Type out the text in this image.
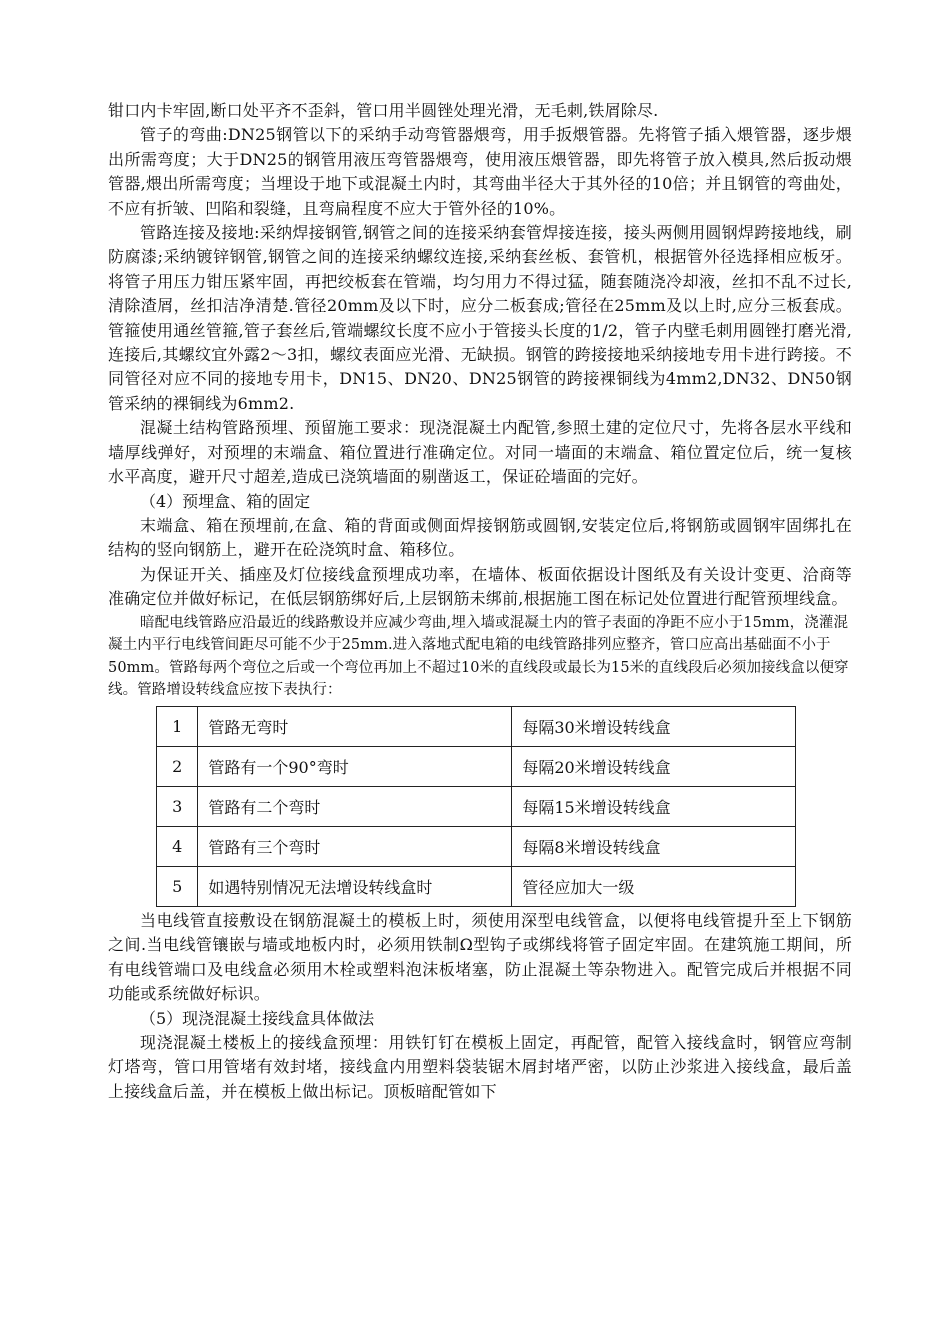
钳口内卡牢固,断口处平齐不歪斜，管口用半圆锉处理光滑，无毛刺,铁屑除尽.

管子的弯曲:DN25钢管以下的采纳手动弯管器煨弯，用手扳煨管器。先将管子插入煨管器，逐步煨出所需弯度；大于DN25的钢管用液压弯管器煨弯，使用液压煨管器，即先将管子放入模具,然后扳动煨管器,煨出所需弯度；当埋设于地下或混凝土内时，其弯曲半径大于其外径的10倍；并且钢管的弯曲处，不应有折皱、凹陷和裂缝，且弯扁程度不应大于管外径的10%。

管路连接及接地:采纳焊接钢管,钢管之间的连接采纳套管焊接连接，接头两侧用圆钢焊跨接地线，刷防腐漆;采纳镀锌钢管,钢管之间的连接采纳螺纹连接,采纳套丝板、套管机，根据管外径选择相应板牙。将管子用压力钳压紧牢固，再把绞板套在管端，均匀用力不得过猛，随套随浇冷却液，丝扣不乱不过长,清除渣屑，丝扣洁净清楚.管径20mm及以下时，应分二板套成;管径在25mm及以上时,应分三板套成。管箍使用通丝管箍,管子套丝后,管端螺纹长度不应小于管接头长度的1/2，管子内壁毛刺用圆锉打磨光滑,连接后,其螺纹宜外露2～3扣，螺纹表面应光滑、无缺损。钢管的跨接接地采纳接地专用卡进行跨接。不同管径对应不同的接地专用卡，DN15、DN20、DN25钢管的跨接裸铜线为4mm2,DN32、DN50钢管采纳的裸铜线为6mm2.

混凝土结构管路预埋、预留施工要求：现浇混凝土内配管,参照土建的定位尺寸，先将各层水平线和墙厚线弹好，对预埋的末端盒、箱位置进行准确定位。对同一墙面的末端盒、箱位置定位后，统一复核水平高度，避开尺寸超差,造成已浇筑墙面的剔凿返工，保证砼墙面的完好。

（4）预埋盒、箱的固定

末端盒、箱在预埋前,在盒、箱的背面或侧面焊接钢筋或圆钢,安装定位后,将钢筋或圆钢牢固绑扎在结构的竖向钢筋上，避开在砼浇筑时盒、箱移位。

为保证开关、插座及灯位接线盒预埋成功率，在墙体、板面依据设计图纸及有关设计变更、洽商等准确定位并做好标记，在低层钢筋绑好后,上层钢筋未绑前,根据施工图在标记处位置进行配管预埋线盒。

暗配电线管路应沿最近的线路敷设并应减少弯曲,埋入墙或混凝土内的管子表面的净距不应小于15mm，浇灌混凝土内平行电线管间距尽可能不少于25mm.进入落地式配电箱的电线管路排列应整齐，管口应高出基础面不小于50mm。管路每两个弯位之后或一个弯位再加上不超过10米的直线段或最长为15米的直线段后必须加接线盒以便穿线。管路增设转线盒应按下表执行：

1	管路无弯时	每隔30米增设转线盒
2	管路有一个90°弯时	每隔20米增设转线盒
3	管路有二个弯时	每隔15米增设转线盒
4	管路有三个弯时	每隔8米增设转线盒
5	如遇特别情况无法增设转线盒时	管径应加大一级

当电线管直接敷设在钢筋混凝土的模板上时，须使用深型电线管盒，以便将电线管提升至上下钢筋之间.当电线管镶嵌与墙或地板内时，必须用铁制Ω型钩子或绑线将管子固定牢固。在建筑施工期间，所有电线管端口及电线盒必须用木栓或塑料泡沫板堵塞，防止混凝土等杂物进入。配管完成后并根据不同功能或系统做好标识。

（5）现浇混凝土接线盒具体做法

现浇混凝土楼板上的接线盒预埋：用铁钉钉在模板上固定，再配管，配管入接线盒时，钢管应弯制灯塔弯，管口用管堵有效封堵，接线盒内用塑料袋装锯木屑封堵严密，以防止沙浆进入接线盒，最后盖上接线盒后盖，并在模板上做出标记。顶板暗配管如下
